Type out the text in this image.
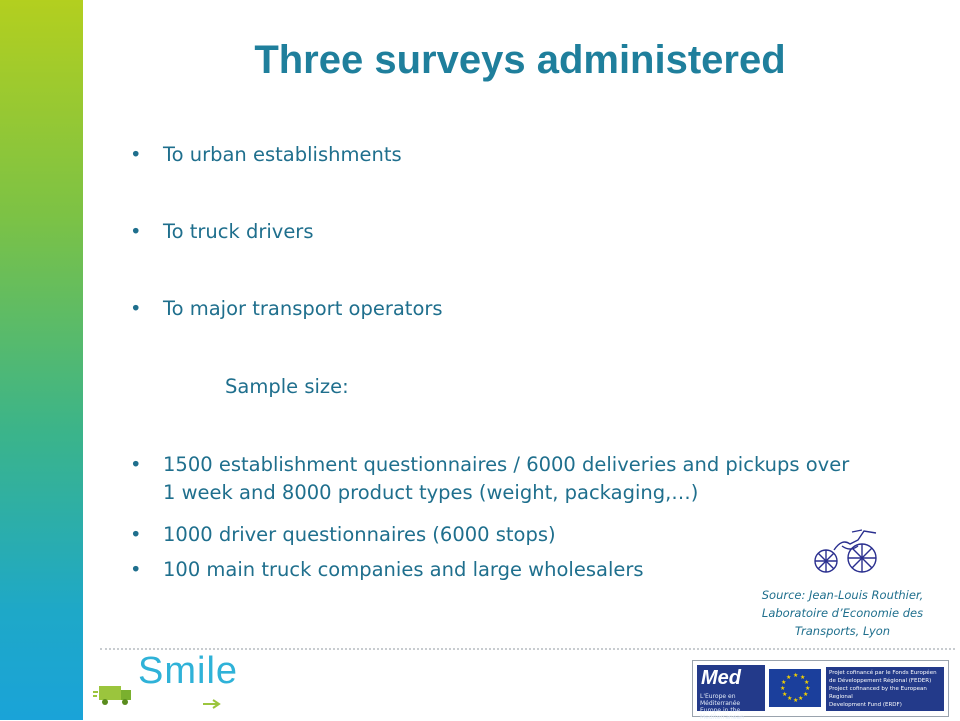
Three surveys administered
• To urban establishments
• To truck drivers
• To major transport operators
• 1500 establishment questionnaires / 6000 deliveries and pickups over
1 week and 8000 product types (weight, packaging,…)
• 1000 driver questionnaires (6000 stops)
• 100 main truck companies and large wholesalers
Sample size:
Source: Jean-Louis Routhier,
Laboratoire d’Economie des
Transports, Lyon
Smile	Med
L'Europe en Méditerranée
Europe in the Mediterranean
★ ★
★
★
★
★
★
★
★
★
★
★
Projet cofinancé par le Fonds Européen
de Développement Régional (FEDER)
Project cofinanced by the European Regional
Development Fund (ERDF)
